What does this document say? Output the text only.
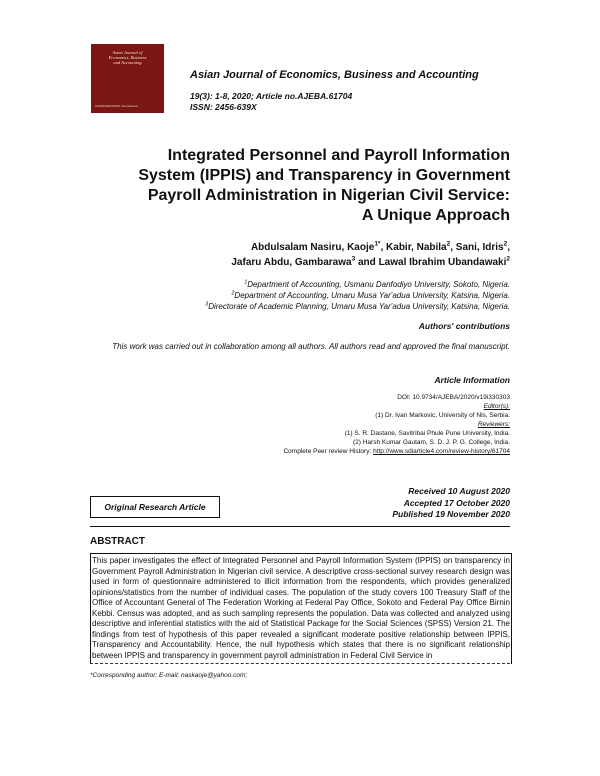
Asian Journal of
Economics, Business
and Accounting
SCIENCEDOMAIN international
Asian Journal of Economics, Business and Accounting
19(3): 1-8, 2020; Article no.AJEBA.61704
ISSN: 2456-639X
Integrated Personnel and Payroll Information
System (IPPIS) and Transparency in Government
Payroll Administration in Nigerian Civil Service:
A Unique Approach
Abdulsalam Nasiru, Kaoje$^{1*}$, Kabir, Nabila$^2$, Sani, Idris$^2$,
Jafaru Abdu, Gambarawa$^3$ and Lawal Ibrahim Ubandawaki$^2$
$^1$Department of Accounting, Usmanu Danfodiyo University, Sokoto, Nigeria.
$^2$Department of Accounting, Umaru Musa Yar'adua University, Katsina, Nigeria.
$^3$Directorate of Academic Planning, Umaru Musa Yar'adua University, Katsina, Nigeria.
Authors' contributions
This work was carried out in collaboration among all authors. All authors read and approved the final manuscript.
Article Information
DOI: 10.9734/AJEBA/2020/v19i330303
Editor(s):
(1) Dr. Ivan Markovic, University of Nis, Serbia.
Reviewers:
(1) S. R. Dastane, Savitribai Phule Pune University, India.
(2) Harsh Kumar Gautam, S. D. J. P. G. College, India.
Complete Peer review History: http://www.sdiarticle4.com/review-history/61704
Original Research Article
Received 10 August 2020
Accepted 17 October 2020
Published 19 November 2020
ABSTRACT

This paper investigates the effect of Integrated Personnel and Payroll Information System (IPPIS) on transparency in Government Payroll Administration in Nigerian civil service. A descriptive cross-sectional survey research design was used in form of questionnaire administered to illicit information from the respondents, which provides generalized opinions/statistics from the number of individual cases. The population of the study covers 100 Treasury Staff of the Office of Accountant General of The Federation Working at Federal Pay Office, Sokoto and Federal Pay Office Birnin Kebbi. Census was adopted, and as such sampling represents the population. Data was collected and analyzed using descriptive and inferential statistics with the aid of Statistical Package for the Social Sciences (SPSS) Version 21. The findings from test of hypothesis of this paper revealed a significant moderate positive relationship between IPPIS, Transparency and Accountability. Hence, the null hypothesis which states that there is no significant relationship between IPPIS and transparency in government payroll administration in Federal Civil Service in

*Corresponding author: E-mail: naskaoje@yahoo.com;
